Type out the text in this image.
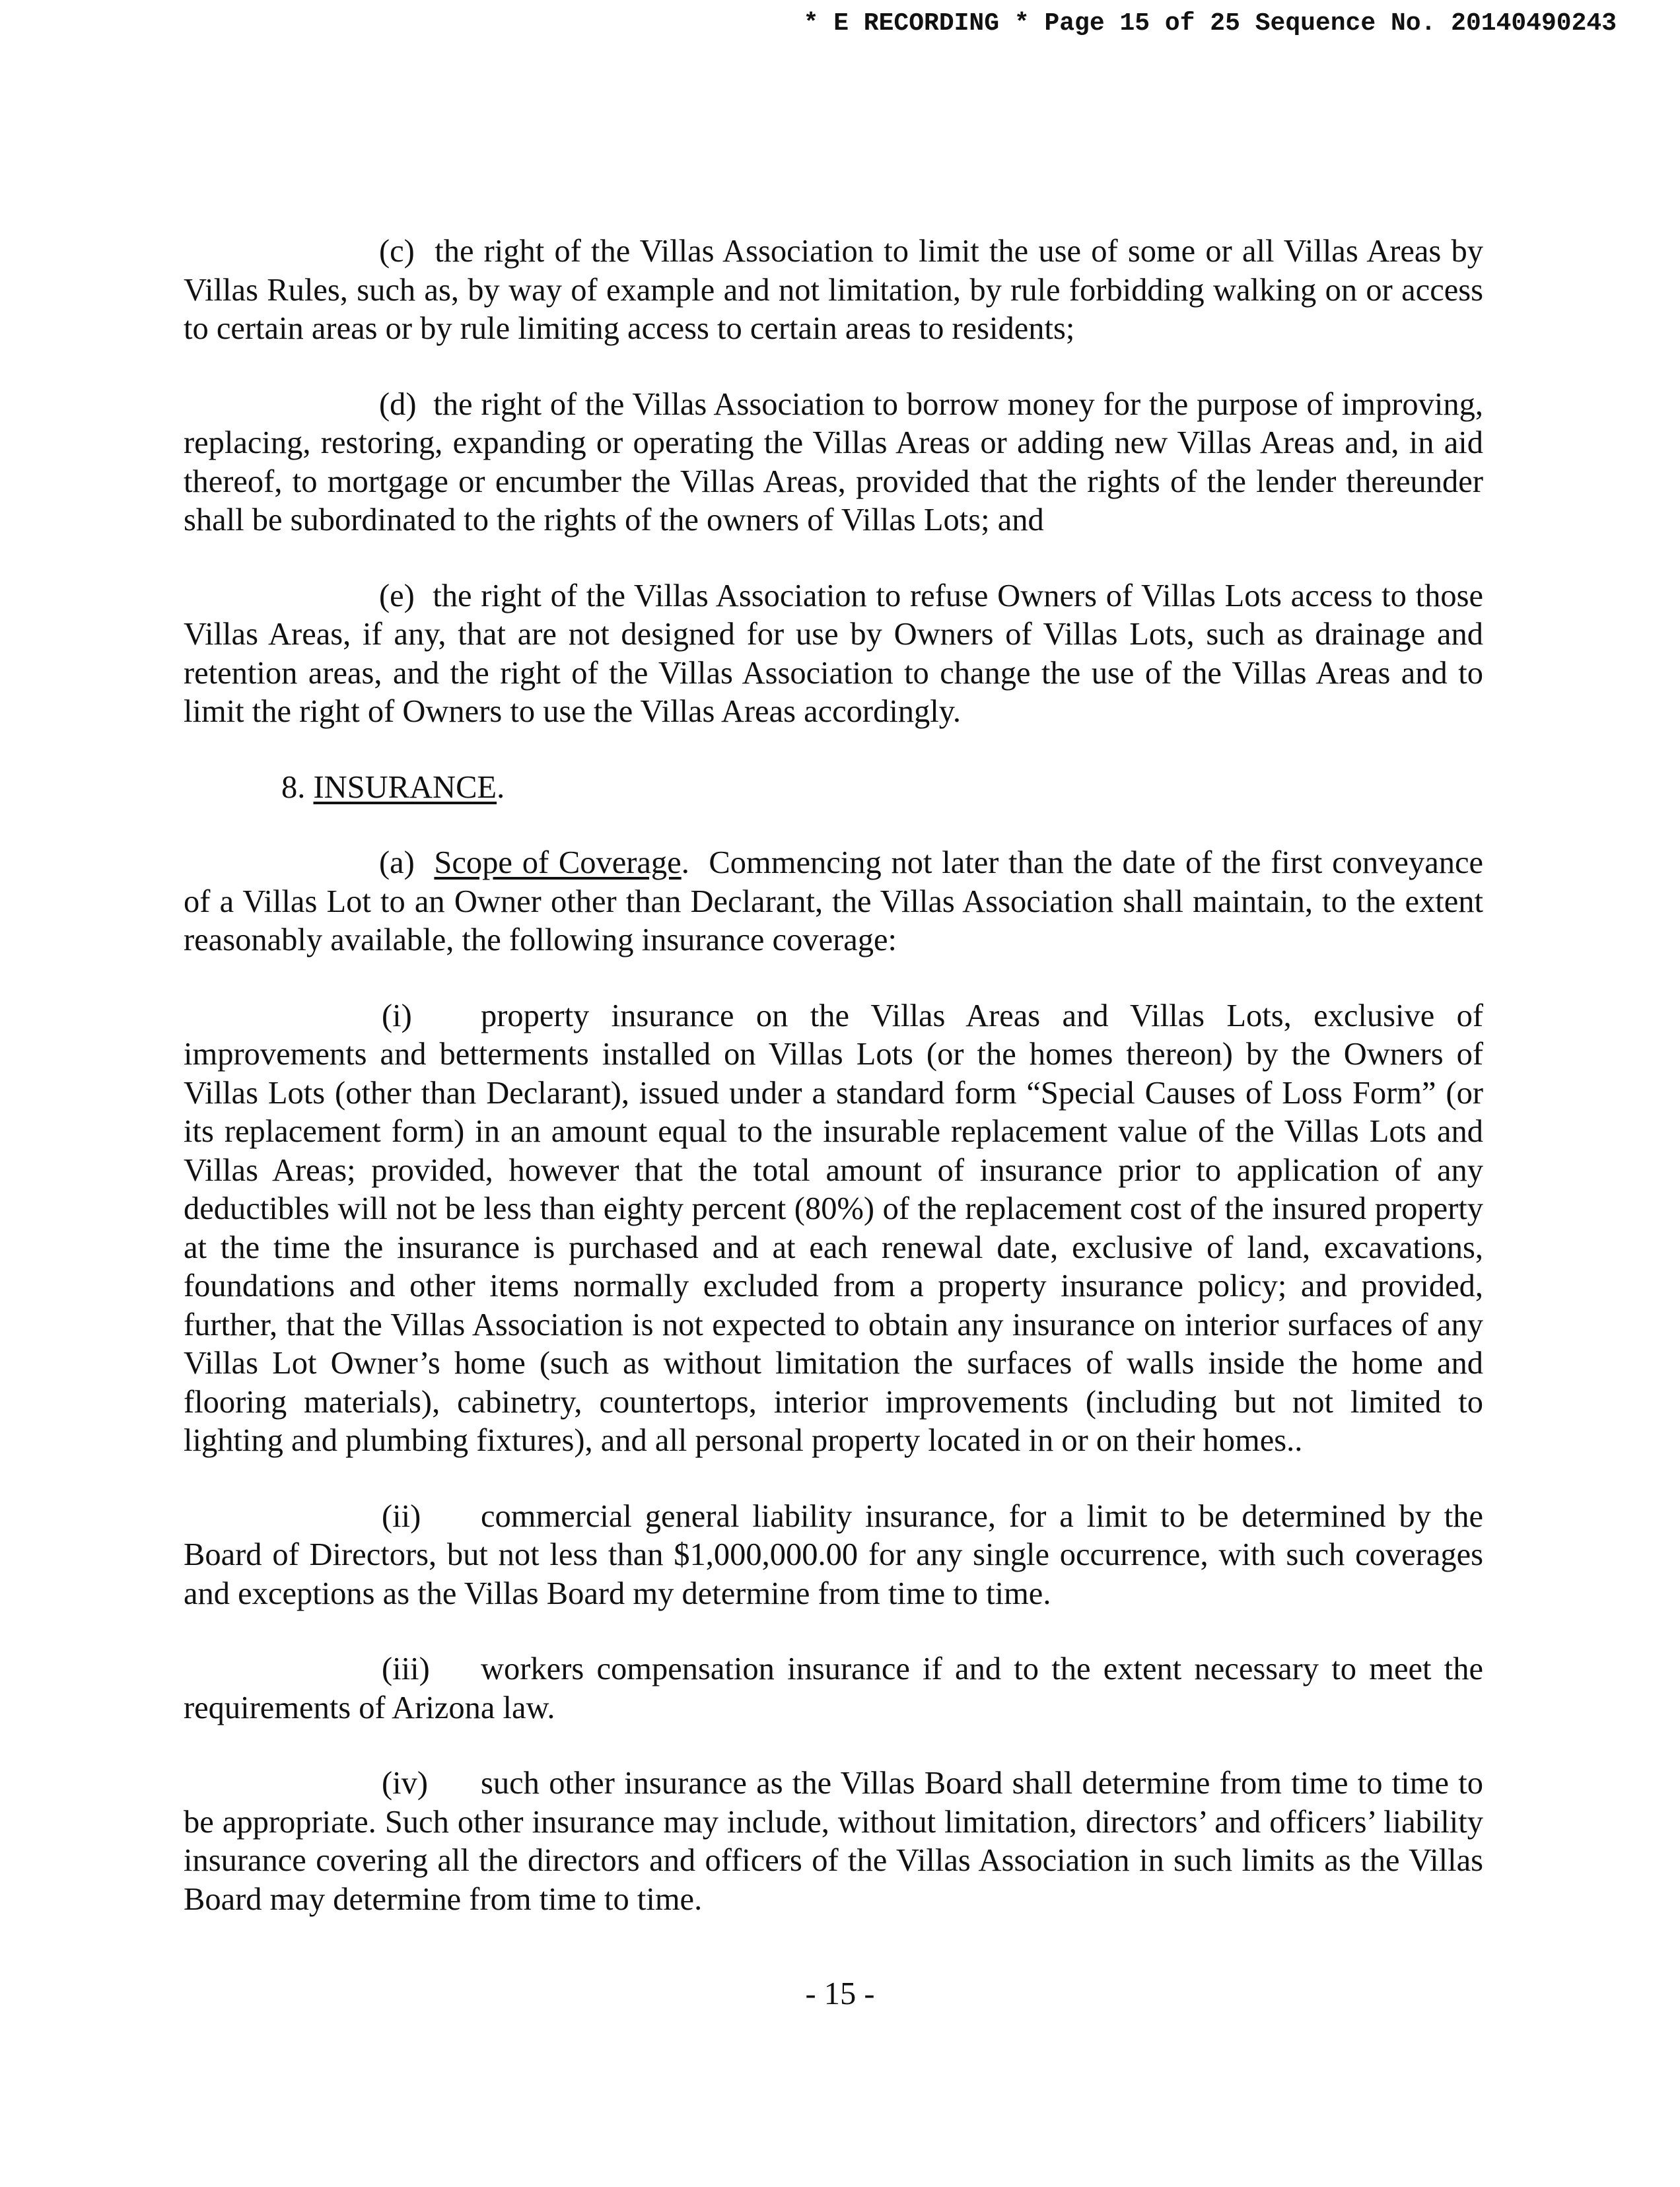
* E RECORDING * Page 15 of 25 Sequence No. 20140490243

(c) the right of the Villas Association to limit the use of some or all Villas Areas by Villas Rules, such as, by way of example and not limitation, by rule forbidding walking on or access to certain areas or by rule limiting access to certain areas to residents;

(d) the right of the Villas Association to borrow money for the purpose of improving, replacing, restoring, expanding or operating the Villas Areas or adding new Villas Areas and, in aid thereof, to mortgage or encumber the Villas Areas, provided that the rights of the lender thereunder shall be subordinated to the rights of the owners of Villas Lots; and

(e) the right of the Villas Association to refuse Owners of Villas Lots access to those Villas Areas, if any, that are not designed for use by Owners of Villas Lots, such as drainage and retention areas, and the right of the Villas Association to change the use of the Villas Areas and to limit the right of Owners to use the Villas Areas accordingly.

8. INSURANCE.

(a) Scope of Coverage. Commencing not later than the date of the first conveyance of a Villas Lot to an Owner other than Declarant, the Villas Association shall maintain, to the extent reasonably available, the following insurance coverage:

(i) property insurance on the Villas Areas and Villas Lots, exclusive of improvements and betterments installed on Villas Lots (or the homes thereon) by the Owners of Villas Lots (other than Declarant), issued under a standard form “Special Causes of Loss Form” (or its replacement form) in an amount equal to the insurable replacement value of the Villas Lots and Villas Areas; provided, however that the total amount of insurance prior to application of any deductibles will not be less than eighty percent (80%) of the replacement cost of the insured property at the time the insurance is purchased and at each renewal date, exclusive of land, excavations, foundations and other items normally excluded from a property insurance policy; and provided, further, that the Villas Association is not expected to obtain any insurance on interior surfaces of any Villas Lot Owner’s home (such as without limitation the surfaces of walls inside the home and flooring materials), cabinetry, countertops, interior improvements (including but not limited to lighting and plumbing fixtures), and all personal property located in or on their homes..

(ii) commercial general liability insurance, for a limit to be determined by the Board of Directors, but not less than $1,000,000.00 for any single occurrence, with such coverages and exceptions as the Villas Board my determine from time to time.

(iii) workers compensation insurance if and to the extent necessary to meet the requirements of Arizona law.

(iv) such other insurance as the Villas Board shall determine from time to time to be appropriate. Such other insurance may include, without limitation, directors’ and officers’ liability insurance covering all the directors and officers of the Villas Association in such limits as the Villas Board may determine from time to time.

- 15 -
